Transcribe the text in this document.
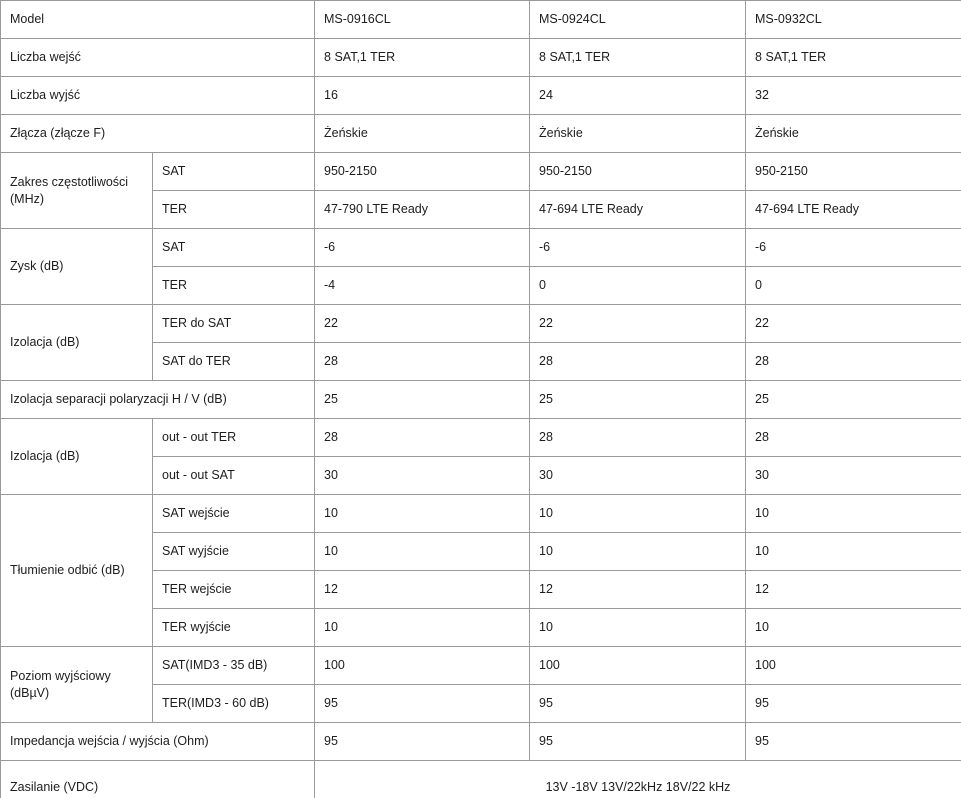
Model		MS-0916CL	MS-0924CL	MS-0932CL
Liczba wejść		8 SAT,1 TER	8 SAT,1 TER	8 SAT,1 TER
Liczba wyjść		16	24	32
Złącza (złącze F)		Żeńskie	Żeńskie	Żeńskie
Zakres częstotliwości
(MHz)	SAT	950-2150	950-2150	950-2150
	TER	47-790 LTE Ready	47-694 LTE Ready	47-694 LTE Ready
Zysk (dB)	SAT	-6	-6	-6
	TER	-4	0	0
Izolacja (dB)	TER do SAT	22	22	22
	SAT do TER	28	28	28
Izolacja separacji polaryzacji H / V (dB)		25	25	25
Izolacja (dB)	out - out TER	28	28	28
	out - out SAT	30	30	30
Tłumienie odbić (dB)	SAT wejście	10	10	10
	SAT wyjście	10	10	10
	TER wejście	12	12	12
	TER wyjście	10	10	10
Poziom wyjściowy
(dBµV)	SAT(IMD3 - 35 dB)	100	100	100
	TER(IMD3 - 60 dB)	95	95	95
Impedancja wejścia / wyjścia (Ohm)		95	95	95
Zasilanie (VDC)		13V -18V 13V/22kHz 18V/22 kHz		
